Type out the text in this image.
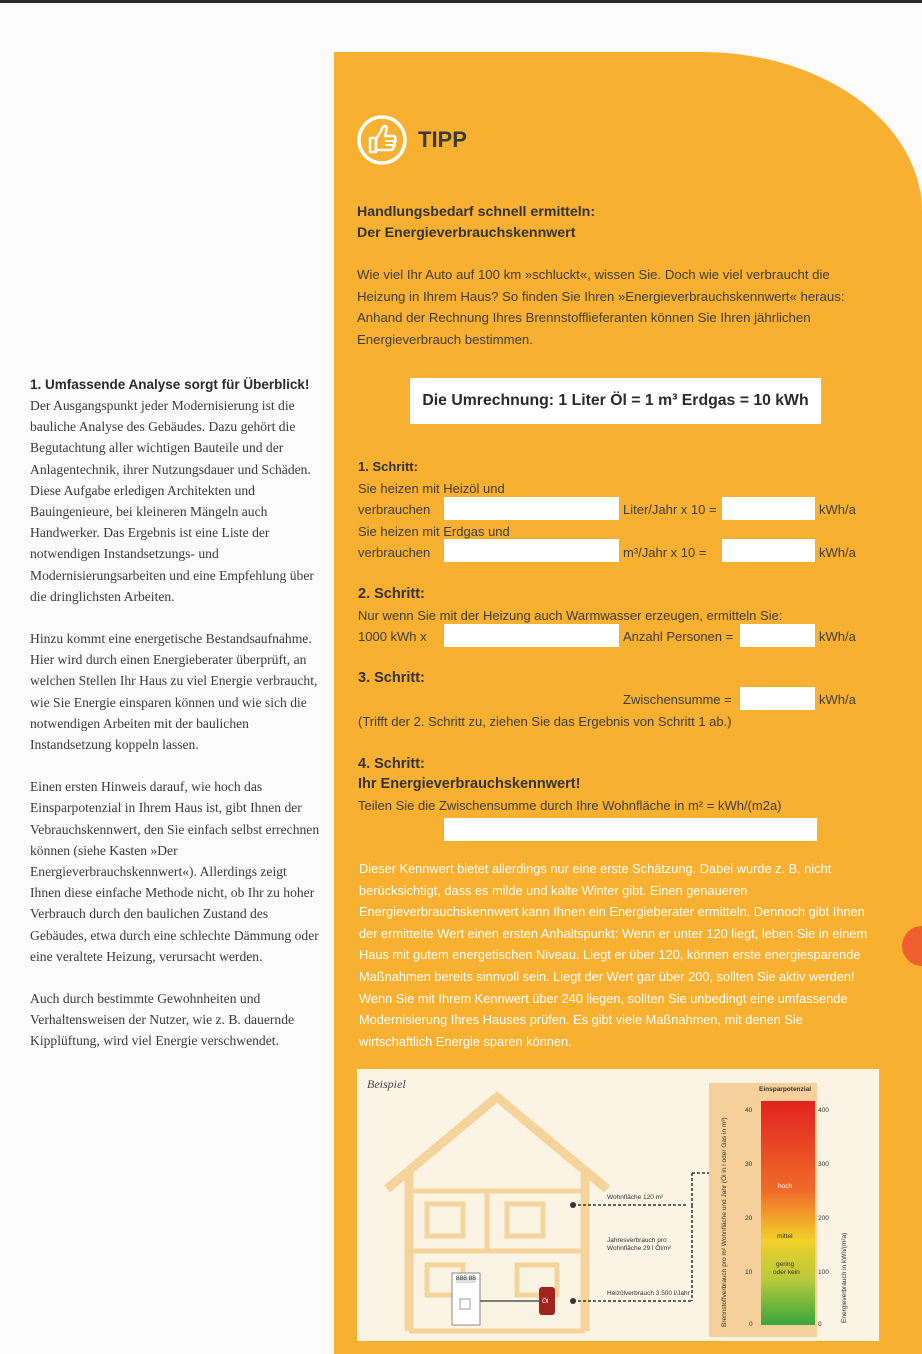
1. Umfassende Analyse sorgt für Überblick!

Der Ausgangspunkt jeder Modernisierung ist die bauliche Analyse des Gebäudes. Dazu gehört die Begutachtung aller wichtigen Bauteile und der Anlagentechnik, ihrer Nutzungsdauer und Schäden. Diese Aufgabe erledigen Architekten und Bauingenieure, bei kleineren Mängeln auch Handwerker. Das Ergebnis ist eine Liste der notwendigen Instandsetzungs- und Modernisierungsarbeiten und eine Empfehlung über die dringlichsten Arbeiten.

Hinzu kommt eine energetische Bestandsaufnahme. Hier wird durch einen Energieberater überprüft, an welchen Stellen Ihr Haus zu viel Energie verbraucht, wie Sie Energie einsparen können und wie sich die notwendigen Arbeiten mit der baulichen Instandsetzung koppeln lassen.

Einen ersten Hinweis darauf, wie hoch das Einsparpotenzial in Ihrem Haus ist, gibt Ihnen der Vebrauchskennwert, den Sie einfach selbst errechnen können (siehe Kasten »Der Energieverbrauchskennwert«). Allerdings zeigt Ihnen diese einfache Methode nicht, ob Ihr zu hoher Verbrauch durch den baulichen Zustand des Gebäudes, etwa durch eine schlechte Dämmung oder eine veraltete Heizung, verursacht werden.

Auch durch bestimmte Gewohnheiten und Verhaltensweisen der Nutzer, wie z. B. dauernde Kipplüftung, wird viel Energie verschwendet.

TIPP
Handlungsbedarf schnell ermitteln:
Der Energieverbrauchskennwert
Wie viel Ihr Auto auf 100 km »schluckt«, wissen Sie. Doch wie viel verbraucht die Heizung in Ihrem Haus? So finden Sie Ihren »Energieverbrauchskennwert« heraus: Anhand der Rechnung Ihres Brennstofflieferanten können Sie Ihren jährlichen Energieverbrauch bestimmen.
Die Umrechnung: 1 Liter Öl = 1 m³ Erdgas = 10 kWh
1. Schritt:
Sie heizen mit Heizöl und
verbrauchen	Liter/Jahr x 10 =	kWh/a
Sie heizen mit Erdgas und
verbrauchen	m³/Jahr x 10 =	kWh/a
2. Schritt:
Nur wenn Sie mit der Heizung auch Warmwasser erzeugen, ermitteln Sie:
1000 kWh x	Anzahl Personen =	kWh/a
3. Schritt:
Zwischensumme =	kWh/a
(Trifft der 2. Schritt zu, ziehen Sie das Ergebnis von Schritt 1 ab.)
4. Schritt:
Ihr Energieverbrauchskennwert!
Teilen Sie die Zwischensumme durch Ihre Wohnfläche in m² = kWh/(m2a)
Dieser Kennwert bietet allerdings nur eine erste Schätzung. Dabei wurde z. B. nicht berücksichtigt, dass es milde und kalte Winter gibt. Einen genaueren Energieverbrauchskennwert kann Ihnen ein Energieberater ermitteln. Dennoch gibt Ihnen der ermittelte Wert einen ersten Anhaltspunkt: Wenn er unter 120 liegt, leben Sie in einem Haus mit gutem energetischen Niveau. Liegt er über 120, können erste energiesparende Maßnahmen bereits sinnvoll sein. Liegt der Wert gar über 200, sollten Sie aktiv werden! Wenn Sie mit Ihrem Kennwert über 240 liegen, sollten Sie unbedingt eine umfassende Modernisierung Ihres Hauses prüfen. Es gibt viele Maßnahmen, mit denen Sie wirtschaftlich Energie sparen können.
Beispiel	Einsparpotenzial
40
30
20
10
0
400
300
200
100
0
hoch
mittel
gering
oder kein
Wohnfläche 120 m²
Jahresverbrauch pro
Wohnfläche 29 l Öl/m²
Heizölverbrauch 3.500 l/Jahr
Öl
888 88	Brennstoffverbrauch pro m² Wohnfläche und Jahr (Öl in l oder Gas in m³)	Energieverbrauch in kWh/(m²a)
